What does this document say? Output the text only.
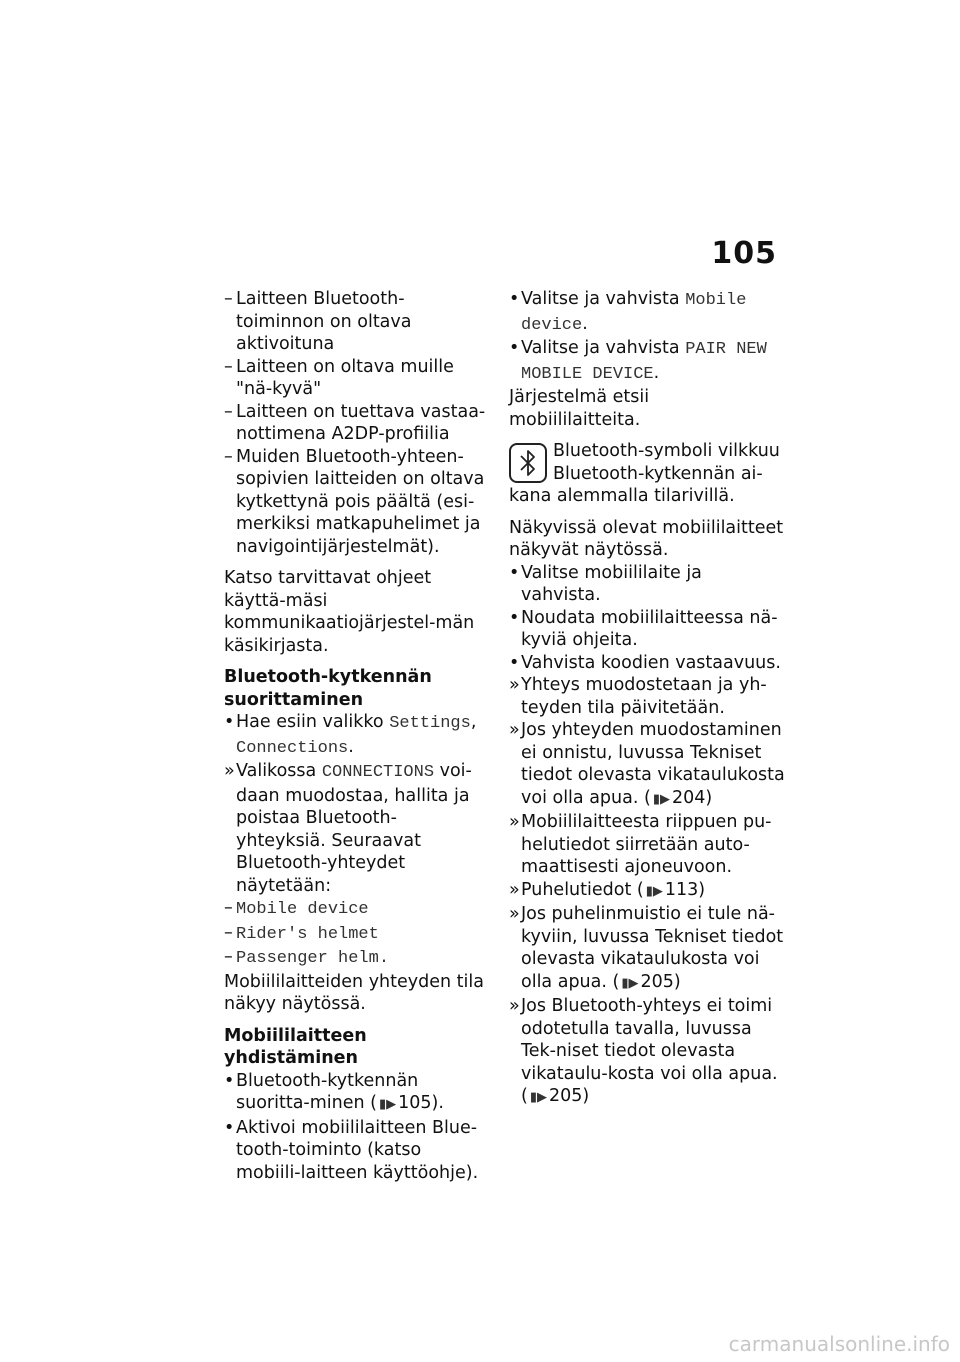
105
– Laitteen Bluetooth-toiminnon on oltava aktivoituna
– Laitteen on oltava muille "nä-kyvä"
– Laitteen on tuettava vastaa-nottimena A2DP-profiilia
– Muiden Bluetooth-yhteen-sopivien laitteiden on oltava kytkettynä pois päältä (esi-merkiksi matkapuhelimet ja navigointijärjestelmät).
Katso tarvittavat ohjeet käyttä-mäsi kommunikaatiojärjestel-män käsikirjasta.
Bluetooth-kytkennän
suorittaminen
• Hae esiin valikko Settings, Connections.
» Valikossa CONNECTIONS voi-daan muodostaa, hallita ja poistaa Bluetooth-yhteyksiä. Seuraavat Bluetooth-yhteydet näytetään:
– Mobile device
– Rider's helmet
– Passenger helm.
Mobiililaitteiden yhteyden tila näkyy näytössä.
Mobiililaitteen yhdistäminen
• Bluetooth-kytkennän suoritta-minen ( ▮▶ 105).
• Aktivoi mobiililaitteen Blue-tooth-toiminto (katso mobiili-laitteen käyttöohje).
• Valitse ja vahvista Mobile device.
• Valitse ja vahvista PAIR NEW MOBILE DEVICE.
Järjestelmä etsii mobiililaitteita.
Bluetooth-symboli vilkkuu
Bluetooth-kytkennän ai-
kana alemmalla tilarivillä.
Näkyvissä olevat mobiililaitteet näkyvät näytössä.
• Valitse mobiililaite ja vahvista.
• Noudata mobiililaitteessa nä-kyviä ohjeita.
• Vahvista koodien vastaavuus.
» Yhteys muodostetaan ja yh-teyden tila päivitetään.
» Jos yhteyden muodostaminen ei onnistu, luvussa Tekniset tiedot olevasta vikataulukosta voi olla apua. ( ▮▶ 204)
» Mobiililaitteesta riippuen pu-helutiedot siirretään auto-maattisesti ajoneuvoon.
» Puhelutiedot ( ▮▶ 113)
» Jos puhelinmuistio ei tule nä-kyviin, luvussa Tekniset tiedot olevasta vikataulukosta voi olla apua. ( ▮▶ 205)
» Jos Bluetooth-yhteys ei toimi odotetulla tavalla, luvussa Tek-niset tiedot olevasta vikataulu-kosta voi olla apua. ( ▮▶ 205)
carmanualsonline.info
